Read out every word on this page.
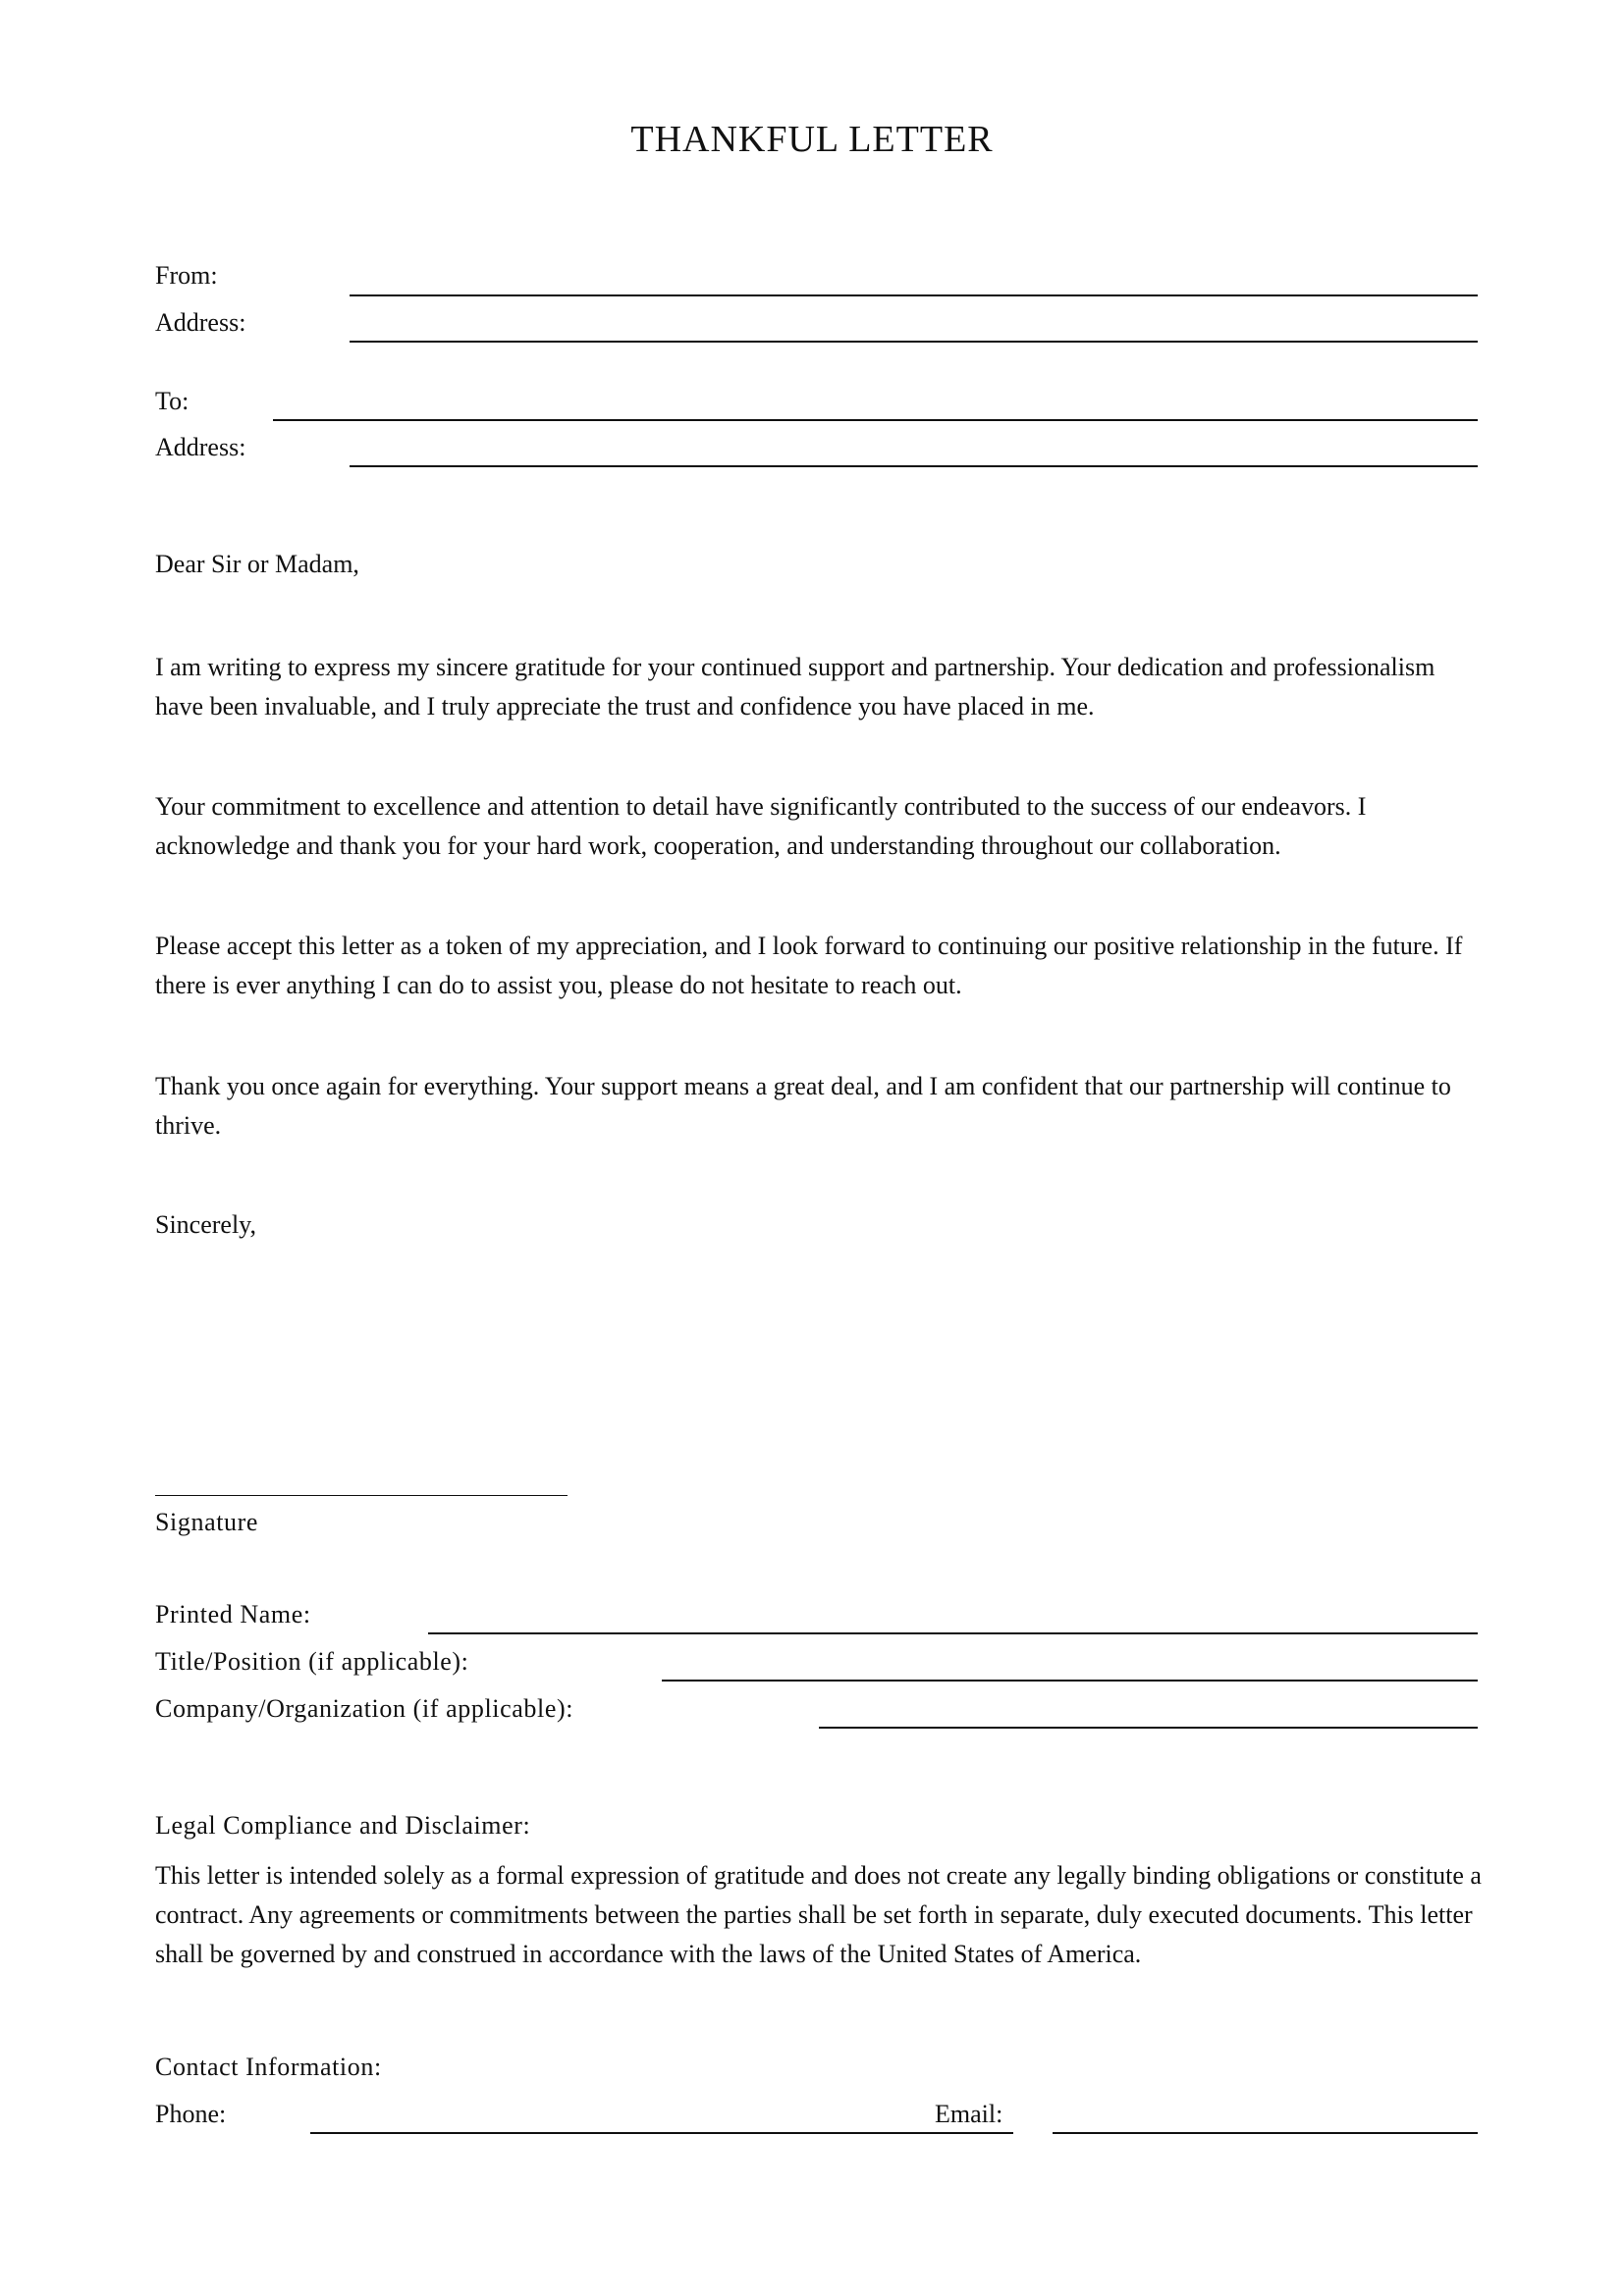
THANKFUL LETTER
From:
Address:
To:
Address:
Dear Sir or Madam,
I am writing to express my sincere gratitude for your continued support and partnership. Your dedication and professionalism have been invaluable, and I truly appreciate the trust and confidence you have placed in me.
Your commitment to excellence and attention to detail have significantly contributed to the success of our endeavors. I acknowledge and thank you for your hard work, cooperation, and understanding throughout our collaboration.
Please accept this letter as a token of my appreciation, and I look forward to continuing our positive relationship in the future. If there is ever anything I can do to assist you, please do not hesitate to reach out.
Thank you once again for everything. Your support means a great deal, and I am confident that our partnership will continue to thrive.
Sincerely,
Signature
Printed Name:
Title/Position (if applicable):
Company/Organization (if applicable):
Legal Compliance and Disclaimer:
This letter is intended solely as a formal expression of gratitude and does not create any legally binding obligations or constitute a contract. Any agreements or commitments between the parties shall be set forth in separate, duly executed documents. This letter shall be governed by and construed in accordance with the laws of the United States of America.
Contact Information:
Phone:	Email:
